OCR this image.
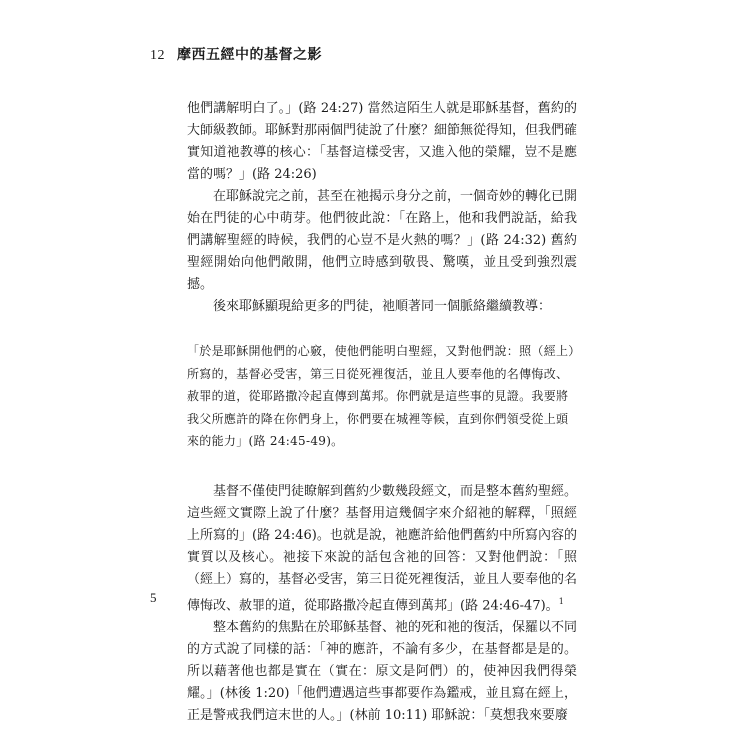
12 摩西五經中的基督之影

他們講解明白了。」(路 24:27) 當然這陌生人就是耶穌基督，舊約的大師級教師。耶穌對那兩個門徒說了什麼？細節無從得知，但我們確實知道祂教導的核心：「基督這樣受害，又進入他的榮耀，豈不是應當的嗎？」(路 24:26)

在耶穌說完之前，甚至在祂揭示身分之前，一個奇妙的轉化已開始在門徒的心中萌芽。他們彼此說：「在路上，他和我們說話，給我們講解聖經的時候，我們的心豈不是火熱的嗎？」(路 24:32) 舊約聖經開始向他們敞開，他們立時感到敬畏、驚嘆，並且受到強烈震撼。

後來耶穌顯現給更多的門徒，祂順著同一個脈絡繼續教導：

「於是耶穌開他們的心竅，使他們能明白聖經，又對他們說：照（經上）所寫的，基督必受害，第三日從死裡復活，並且人要奉他的名傳悔改、赦罪的道，從耶路撒冷起直傳到萬邦。你們就是這些事的見證。我要將我父所應許的降在你們身上，你們要在城裡等候，直到你們領受從上頭來的能力」(路 24:45-49)。

基督不僅使門徒瞭解到舊約少數幾段經文，而是整本舊約聖經。這些經文實際上說了什麼？基督用這幾個字來介紹祂的解釋，「照經上所寫的」(路 24:46)。也就是說，祂應許給他們舊約中所寫內容的實質以及核心。祂接下來說的話包含祂的回答：又對他們說：「照（經上）寫的，基督必受害，第三日從死裡復活，並且人要奉他的名傳悔改、赦罪的道，從耶路撒冷起直傳到萬邦」(路 24:46-47)。$^1$

整本舊約的焦點在於耶穌基督、祂的死和祂的復活，保羅以不同的方式說了同樣的話：「神的應許，不論有多少，在基督都是是的。所以藉著他也都是實在（實在：原文是阿們）的，使神因我們得榮耀。」(林後 1:20)「他們遭遇這些事都要作為鑑戒，並且寫在經上，正是警戒我們這末世的人。」(林前 10:11) 耶穌說：「莫想我來要廢

5
